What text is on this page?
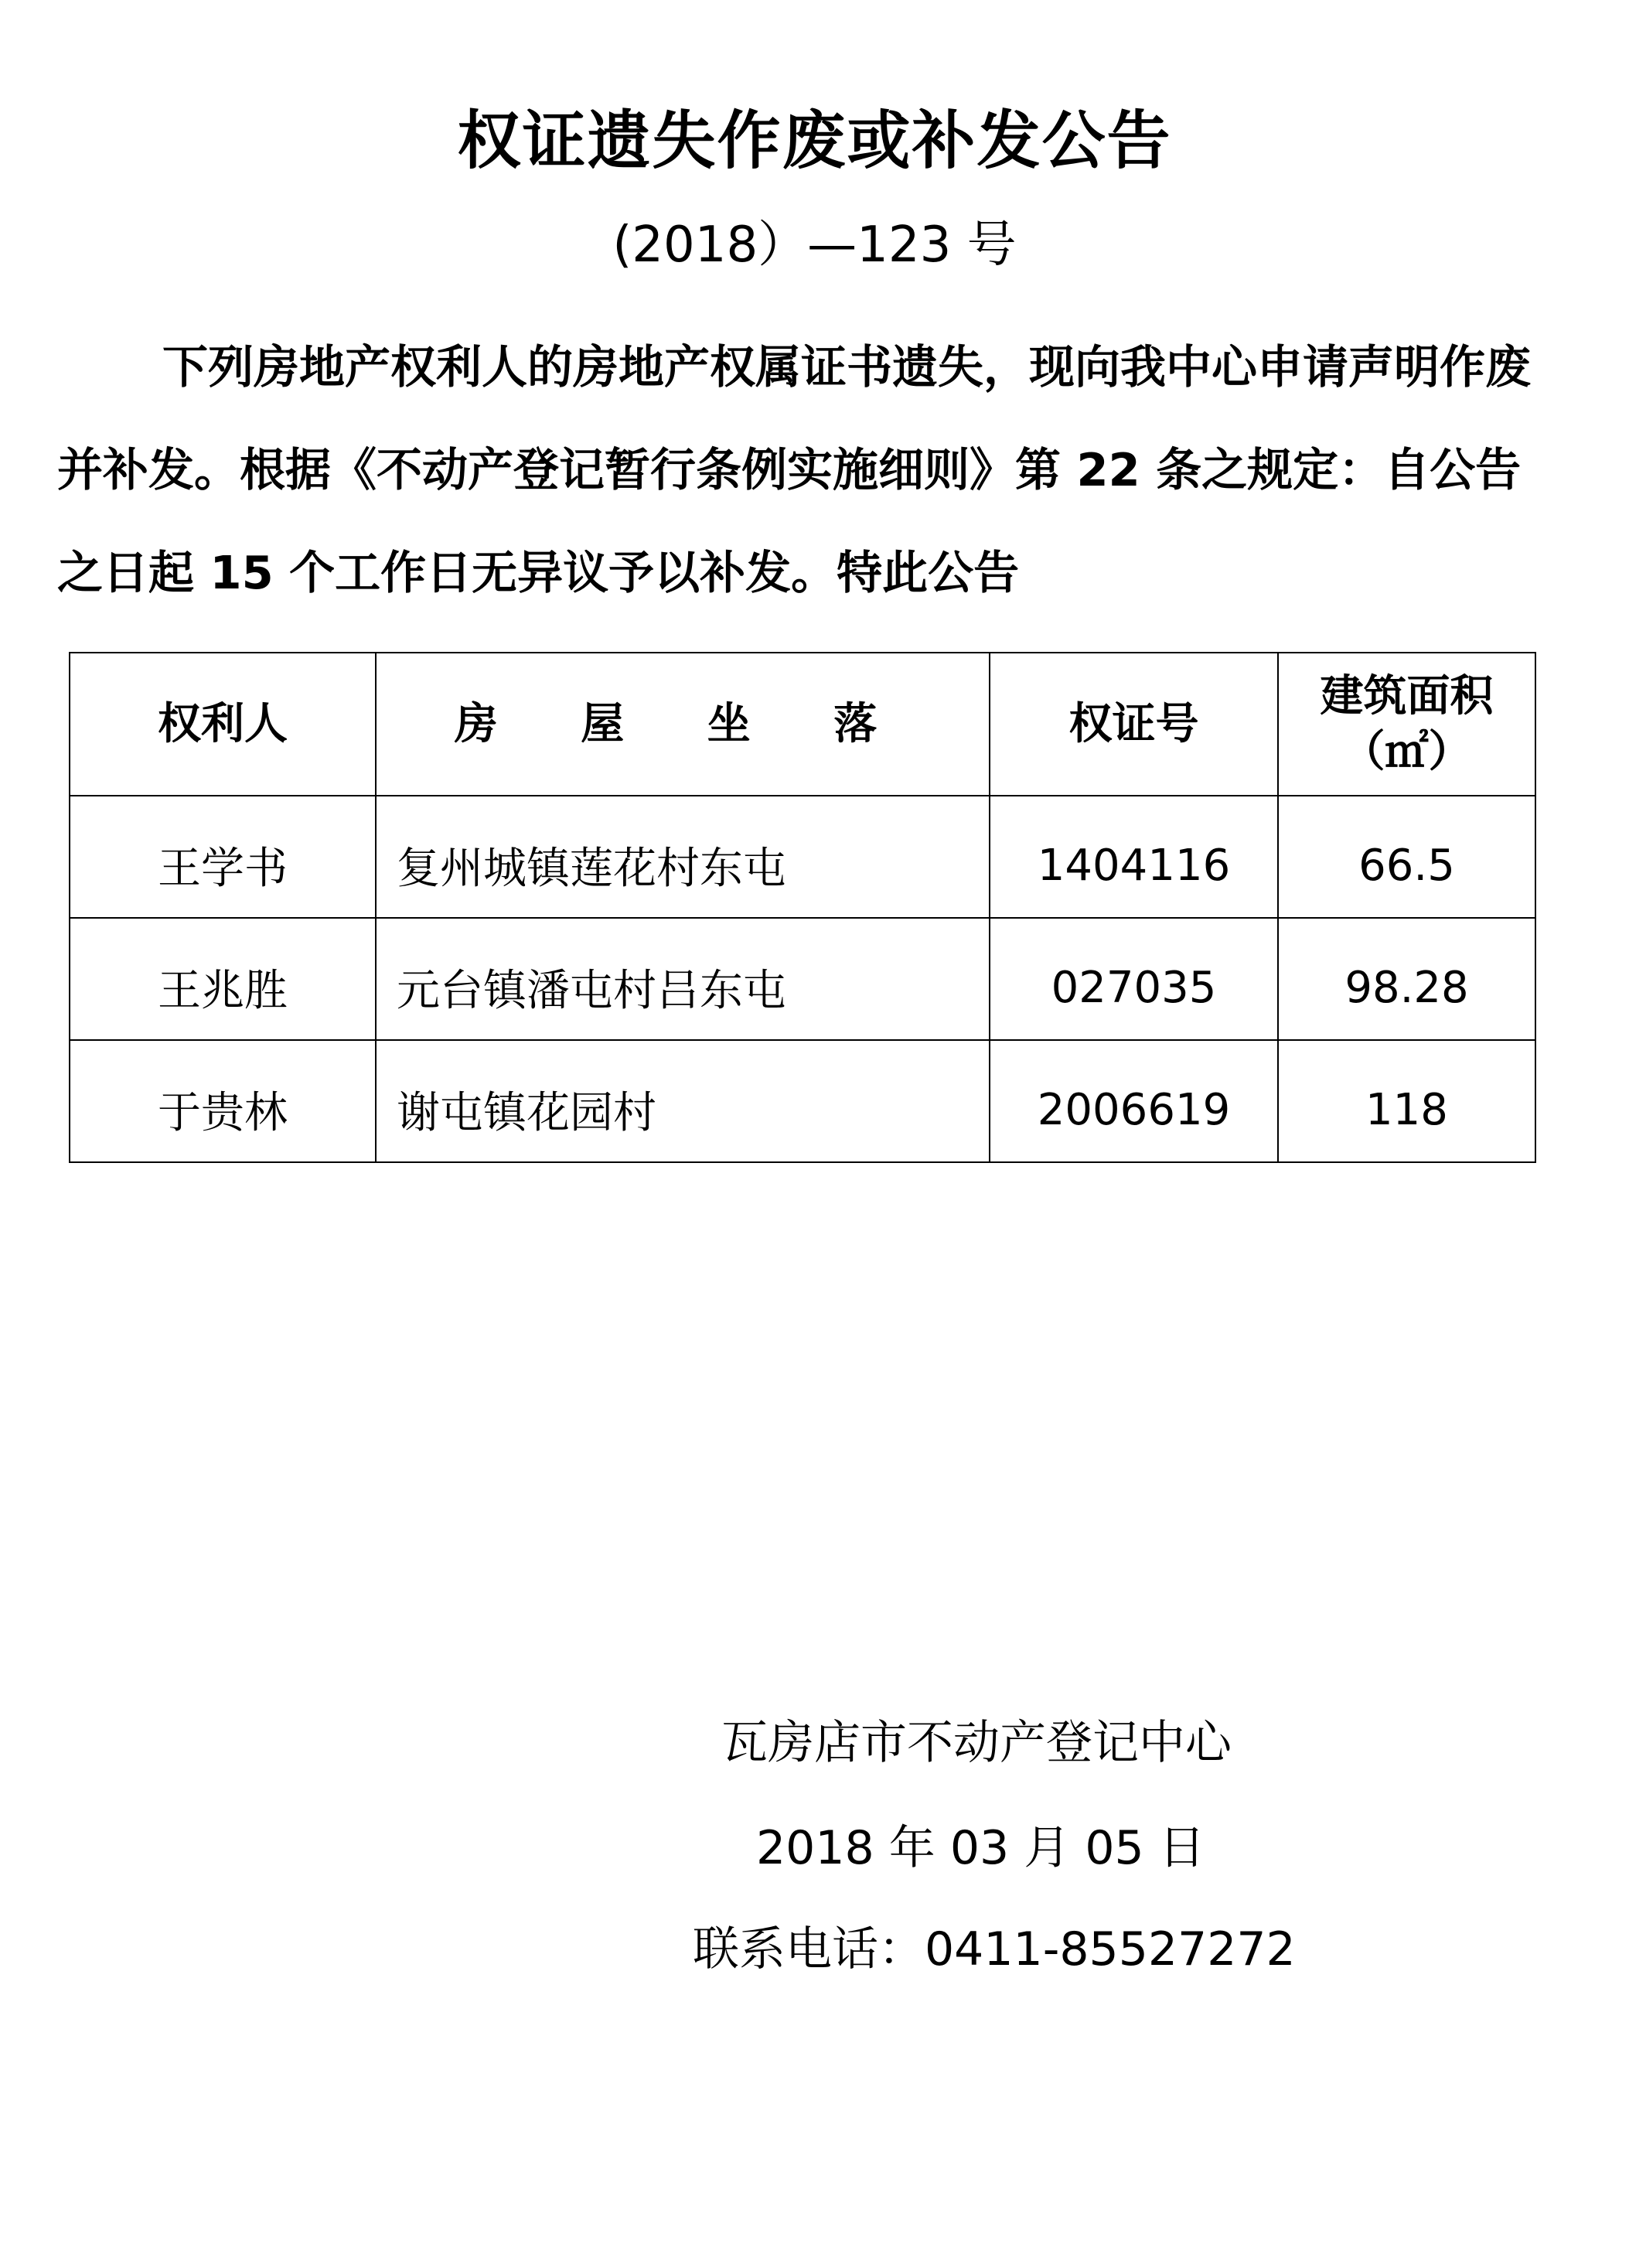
权证遗失作废或补发公告
(2018）—123 号
下列房地产权利人的房地产权属证书遗失，现向我中心申请声明作废并补发。根据《不动产登记暂行条例实施细则》第 22 条之规定：自公告之日起 15 个工作日无异议予以补发。特此公告
权利人	房 屋 坐 落	权证号	建筑面积
（㎡）

王学书	复州城镇莲花村东屯	1404116	66.5
王兆胜	元台镇潘屯村吕东屯	027035	98.28
于贵林	谢屯镇花园村	2006619	118
瓦房店市不动产登记中心
2018 年 03 月 05 日
联系电话：0411-85527272
